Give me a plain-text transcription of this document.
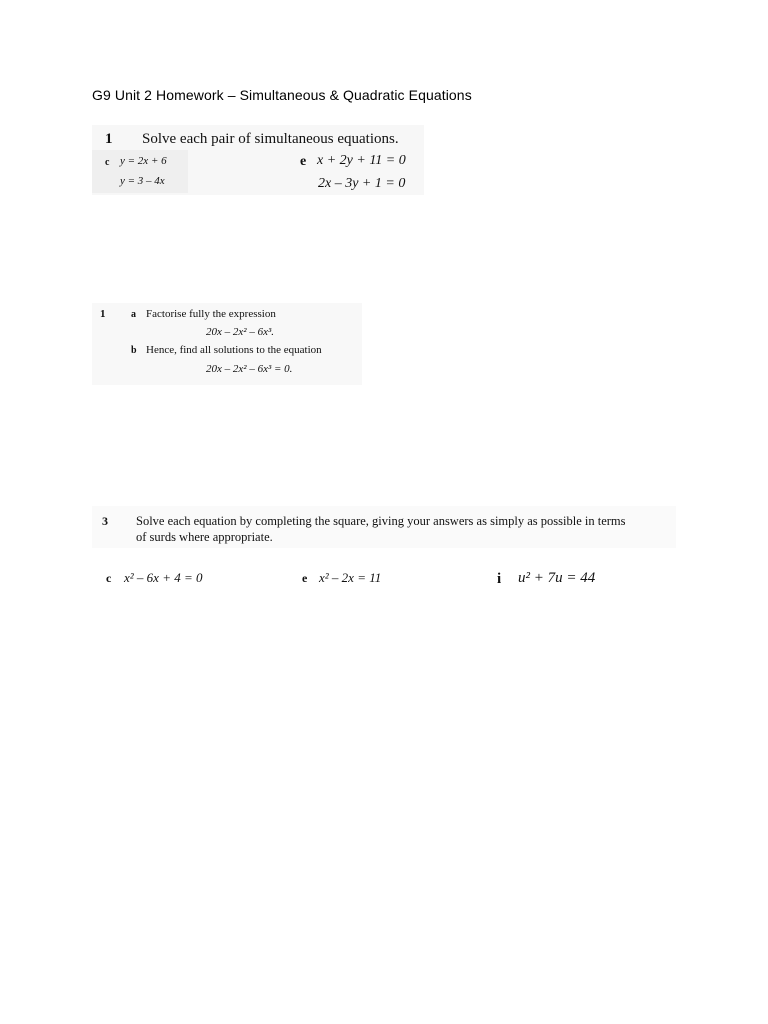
G9 Unit 2 Homework – Simultaneous & Quadratic Equations
1 Solve each pair of simultaneous equations.
c y = 2x + 6
y = 3 – 4x
e x + 2y + 11 = 0
2x – 3y + 1 = 0
1	a Factorise fully the expression
20x – 2x² – 6x³.
b Hence, find all solutions to the equation
20x – 2x² – 6x³ = 0.
3 Solve each equation by completing the square, giving your answers as simply as possible in terms
of surds where appropriate.
c x² – 6x + 4 = 0	e x² – 2x = 11	i u² + 7u = 44
